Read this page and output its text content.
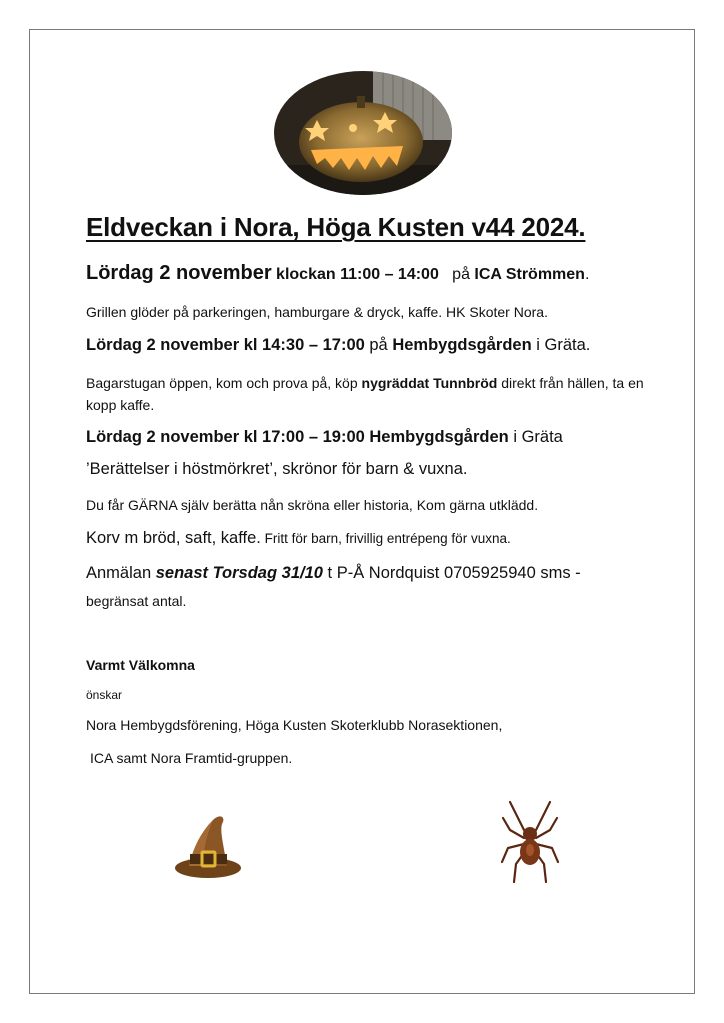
Eldveckan i Nora, Höga Kusten v44 2024.
Lördag 2 november klockan 11:00 – 14:00   på ICA Strömmen.
Grillen glöder på parkeringen, hamburgare & dryck, kaffe. HK Skoter Nora.
Lördag 2 november kl 14:30 – 17:00 på Hembygdsgården i Gräta.
Bagarstugan öppen, kom och prova på, köp nygräddat Tunnbröd direkt från hällen, ta en kopp kaffe.
Lördag 2 november kl 17:00 – 19:00 Hembygdsgården i Gräta
’Berättelser i höstmörkret’, skrönor för barn & vuxna.
Du får GÄRNA själv berätta nån skröna eller historia, Kom gärna utklädd.
Korv m bröd, saft, kaffe. Fritt för barn, frivillig entrépeng för vuxna.
Anmälan senast Torsdag 31/10 t P-Å Nordquist 0705925940 sms -
begränsat antal.
Varmt Välkomna
önskar
Nora Hembygdsförening, Höga Kusten Skoterklubb Norasektionen,
ICA samt Nora Framtid-gruppen.
